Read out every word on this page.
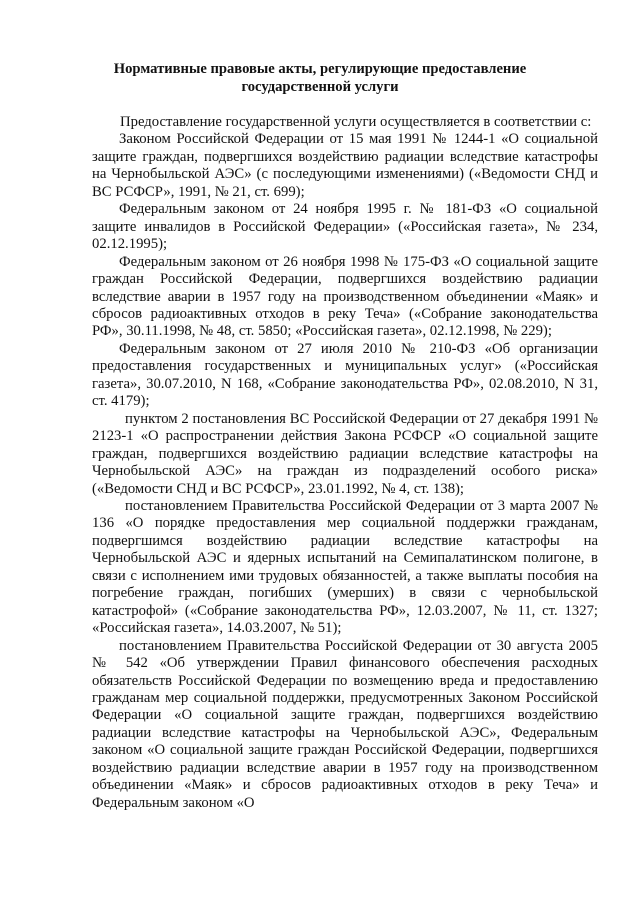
Нормативные правовые акты, регулирующие предоставление государственной услуги

Предоставление государственной услуги осуществляется в соответствии с:

Законом Российской Федерации от 15 мая 1991 № 1244-1 «О социальной защите граждан, подвергшихся воздействию радиации вследствие катастрофы на Чернобыльской АЭС» (с последующими изменениями) («Ведомости СНД и ВС РСФСР», 1991, № 21, ст. 699);

Федеральным законом от 24 ноября 1995 г. № 181-ФЗ «О социальной защите инвалидов в Российской Федерации» («Российская газета», № 234, 02.12.1995);

Федеральным законом от 26 ноября 1998 № 175-ФЗ «О социальной защите граждан Российской Федерации, подвергшихся воздействию радиации вследствие аварии в 1957 году на производственном объединении «Маяк» и сбросов радиоактивных отходов в реку Теча» («Собрание законодательства РФ», 30.11.1998, № 48, ст. 5850; «Российская газета», 02.12.1998, № 229);

Федеральным законом от 27 июля 2010 № 210-ФЗ «Об организации предоставления государственных и муниципальных услуг» («Российская газета», 30.07.2010, N 168, «Собрание законодательства РФ», 02.08.2010, N 31, ст. 4179);

пунктом 2 постановления ВС Российской Федерации от 27 декабря 1991 № 2123-1 «О распространении действия Закона РСФСР «О социальной защите граждан, подвергшихся воздействию радиации вследствие катастрофы на Чернобыльской АЭС» на граждан из подразделений особого риска» («Ведомости СНД и ВС РСФСР», 23.01.1992, № 4, ст. 138);

постановлением Правительства Российской Федерации от 3 марта 2007 № 136 «О порядке предоставления мер социальной поддержки гражданам, подвергшимся воздействию радиации вследствие катастрофы на Чернобыльской АЭС и ядерных испытаний на Семипалатинском полигоне, в связи с исполнением ими трудовых обязанностей, а также выплаты пособия на погребение граждан, погибших (умерших) в связи с чернобыльской катастрофой» («Собрание законодательства РФ», 12.03.2007, № 11, ст. 1327; «Российская газета», 14.03.2007, № 51);

постановлением Правительства Российской Федерации от 30 августа 2005 № 542 «Об утверждении Правил финансового обеспечения расходных обязательств Российской Федерации по возмещению вреда и предоставлению гражданам мер социальной поддержки, предусмотренных Законом Российской Федерации «О социальной защите граждан, подвергшихся воздействию радиации вследствие катастрофы на Чернобыльской АЭС», Федеральным законом «О социальной защите граждан Российской Федерации, подвергшихся воздействию радиации вследствие аварии в 1957 году на производственном объединении «Маяк» и сбросов радиоактивных отходов в реку Теча» и Федеральным законом «О
